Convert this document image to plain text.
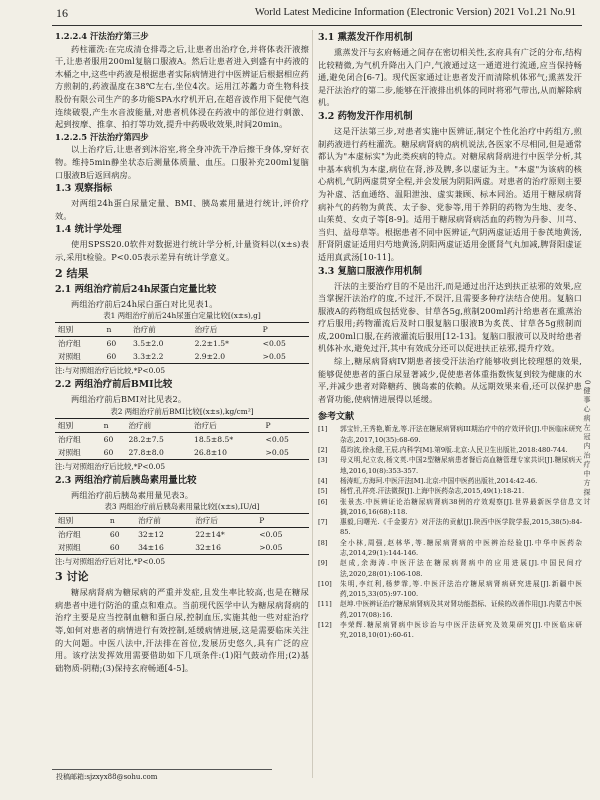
16	World Latest Medicine Information (Electronic Version) 2021 Vo1.21 No.91

1.2.2.4 汗法治疗第三步

药柱灌洗:在完成清仓排毒之后,让患者出治疗仓,并将体表汗液擦干,让患者服用200ml复脑口服液A。然后让患者进入到盛有中药液的木桶之中,这些中药液是根据患者实际病情进行中医辨证后根据相应药方煎制的,药液温度在38℃左右,坐位4次。运用江苏蠡力奇生物科技股份有限公司生产的多功能SPA水疗机开启,在超音波作用下促使气泡连续破裂,产生水音波能量,对患者机体浸在药液中的部位进行刺激、起到按摩、推拿、拍打等功效,提升中药吸收效果,时间20min。

1.2.2.5 汗法治疗第四步

以上治疗后,让患者到沐浴室,将全身冲洗干净后擦干身体,穿好衣物。维持5min静坐状态后测量体质量、血压。口服补充200ml复脑口服液B后返回病房。

1.3 观察指标

对两组24h蛋白尿量定量、BMI、胰岛素用量进行统计,评价疗效。

1.4 统计学处理

使用SPSS20.0软件对数据进行统计学分析,计量资料以(x±s)表示,采用t检验。P<0.05表示差异有统计学意义。

2 结果

2.1 两组治疗前后24h尿蛋白定量比较

两组治疗前后24h尿白蛋白对比见表1。

表1 两组治疗前后24h尿蛋白定量比较[(x±s),g]
组别	n	治疗前	治疗后	P
治疗组	60	3.5±2.0	2.2±1.5*	<0.05
对照组	60	3.3±2.2	2.9±2.0	>0.05

注:与对照组治疗后比较,*P<0.05

2.2 两组治疗前后BMI比较

两组治疗前后BMI对比见表2。

表2 两组治疗前后BMI比较[(x±s),kg/cm²]
组别	n	治疗前	治疗后	P
治疗组	60	28.2±7.5	18.5±8.5*	<0.05
对照组	60	27.8±8.0	26.8±10	>0.05

注:与对照组治疗后比较,*P<0.05

2.3 两组治疗前后胰岛素用量比较

两组治疗前后胰岛素用量见表3。

表3 两组治疗前后胰岛素用量比较[(x±s),IU/d]
组别	n	治疗前	治疗后	P
治疗组	60	32±12	22±14*	<0.05
对照组	60	34±16	32±16	>0.05

注:与对照组治疗后对比,*P<0.05

3 讨论

糖尿病肾病为糖尿病的严重并发症,且发生率比较高,也是在糖尿病患者中进行防治的重点和难点。当前现代医学中认为糖尿病肾病的治疗主要是应当控制血糖和蛋白尿,控制血压,实施其他一些对症治疗等,如何对患者的病情进行有效控制,延缓病情进展,这是需要临床关注的大问题。中医八法中,汗法排在首位,发展历史悠久,具有广泛的应用。该疗法发挥效用需要借助如下几项条件:(1)阳气鼓动作用;(2)基础物质-阴精;(3)保持玄府畅通[4-5]。

3.1 熏蒸发汗作用机制

熏蒸发汗与玄府畅通之间存在密切相关性,玄府具有广泛的分布,结构比较精微,为气机升降出入门户,气液通过这一通道进行流通,应当保持畅通,避免闭合[6-7]。现代医家通过让患者发汗而清除机体邪气;熏蒸发汗是汗法治疗的第二步,能够在汗液排出机体的同时将邪气带出,从而解除病机。

3.2 药物发汗作用机制

这是汗法第三步,对患者实施中医辨证,制定个性化治疗中药组方,煎制药液进行药柱灌洗。糖尿病肾病的病机说法,各医家不尽相同,但是通常都认为"本虚标实"为此类疾病的特点。对糖尿病肾病进行中医学分析,其中基本病机为本虚,病位在肾,涉及脾,多以虚证为主。"本虚"为该病的核心病机,气阴两虚贯穿全程,并会发展为阴阳两虚。对患者的治疗原则主要为补虚、活血通络、温阳泄浊、虚实兼顾、标本同治。适用于糖尿病肾病补气的药物为黄芪、太子参、党参等,用于养阴的药物为生地、麦冬、山茱萸、女贞子等[8-9]。适用于糖尿病肾病活血的药物为丹参、川芎、当归、益母草等。根据患者不同中医辨证,气阴两虚证适用于参芪地黄汤,肝肾阴虚证适用归芍地黄汤,阴阳两虚证适用金匮肾气丸加减,脾肾阳虚证适用真武汤[10-11]。

3.3 复脑口服液作用机制

汗法的主要治疗目的不是出汗,而是通过出汗达到扶正祛邪的效果,应当掌握汗法治疗的度,不过汗,不误汗,且需要多种疗法结合使用。复脑口服液A的药物组成包括党参、甘草各5g,煎制200ml药汁给患者在熏蒸治疗后服用;药物灌流后及时口服复脑口服液B为炙芪、甘草各5g煎制而成,200ml口服,在药液灌流后服用[12-13]。复脑口服液可以及时给患者机体补水,避免过汗,其中有效成分还可以促进扶正祛邪,提升疗效。

综上,糖尿病肾病IV期患者接受汗法治疗能够收到比较理想的效果,能够促使患者的蛋白尿显著减少,促使患者体重指数恢复到较为健康的水平,并减少患者对降糖药、胰岛素的依赖。从远期效果来看,还可以保护患者肾功能,使病情进展得以延缓。

参考文献

[1]	郭宝针,王秀艳,靳龙,等.汗法在糖尿病肾病III期治疗中的疗效评价[J].中医临床研究杂志,2017,10(35):68-69.
[2]	葛均波,徐永健,王辰.内科学[M].第9版.北京:人民卫生出版社,2018:480-744.
[3]	母义明,纪立农,杨文英.中国2型糖尿病患者餐后高血糖管理专家共识[J].糖尿病天地,2016,10(8):353-357.
[4]	杨涛虹,方海珂.中医汗法[M].北京:中国中医药出版社,2014:42-46.
[5]	杨哲,孔祥亮.汗法微探[J].上海中医药杂志,2015,49(1):18-21.
[6]	张景杰.中医辨证论治糖尿病肾病38例的疗效观察[J].世界最新医学信息文摘,2016,16(68):118.
[7]	惠毅,闫曙光.《千金要方》对汗法的贡献[J].陕西中医学院学报,2015,38(5):84-85.
[8]	全小林,周强,赵林华,等.糖尿病肾病的中医辨治经验[J].中华中医药杂志,2014,29(1):144-146.
[9]	赵成,余海涛.中医汗法在糖尿病肾病中的应用进展[J].中国民间疗法,2020,28(01):106-108.
[10]	朱明,李红利,杨梦霏,等.中医汗法治疗糖尿病肾病研究进展[J].新疆中医药,2015,33(05):97-100.
[11]	赵坤.中医辨证治疗糖尿病肾病及其对肾功能指标、证候的改善作用[J].内蒙古中医药,2017(08):16.
[12]	李荣辉.糖尿病肾病中医诊治与中医汗法研究及效果研究[J].中医临床研究,2018,10(01):60-61.
投稿邮箱:sjzxyx88@sohu.com
0 健 事 心 病 左 冠 内 治 疗 中 方 探 讨
